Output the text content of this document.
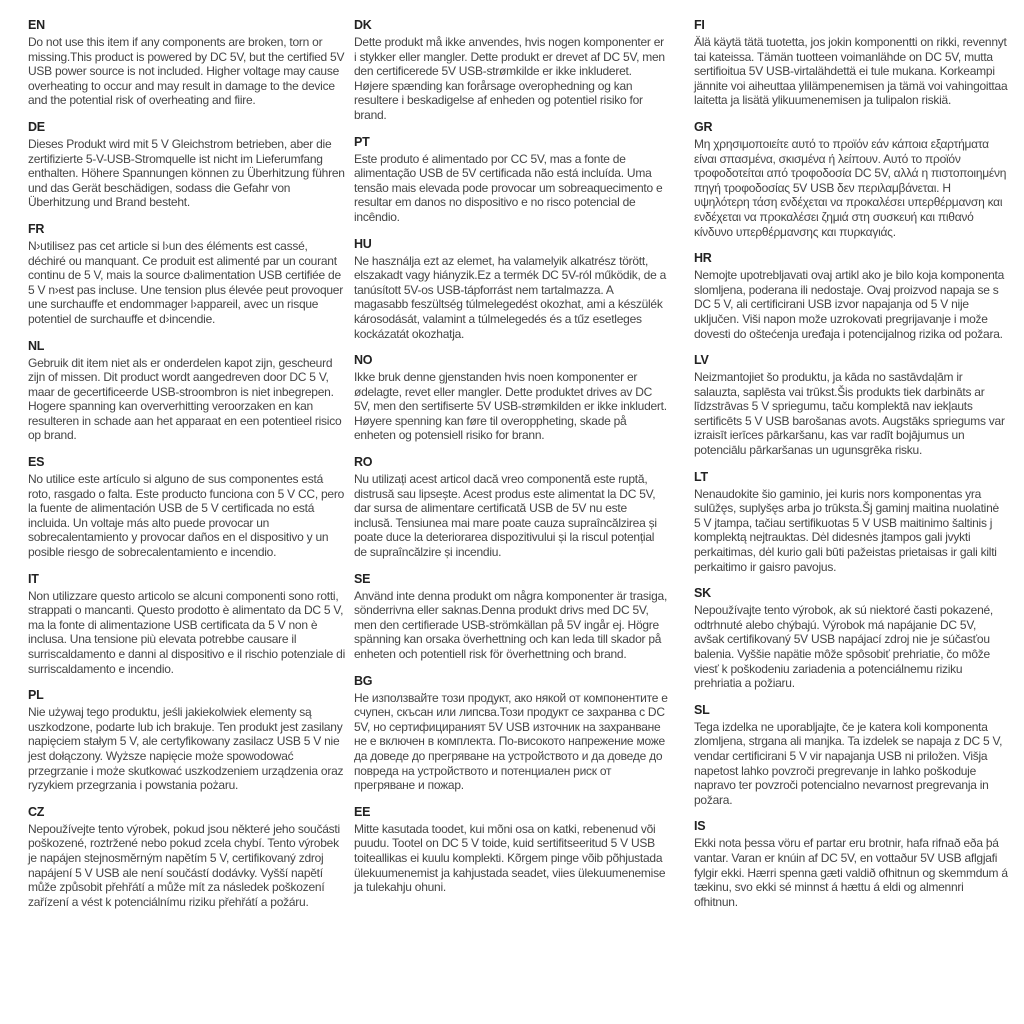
EN

Do not use this item if any components are broken, torn or missing.This product is powered by DC 5V, but the certified 5V USB power source is not included. Higher voltage may cause overheating to occur and may result in damage to the device and the potential risk of overheating and fiire.

DE

Dieses Produkt wird mit 5 V Gleichstrom betrieben, aber die zertifizierte 5-V-USB-Stromquelle ist nicht im Lieferumfang enthalten. Höhere Spannungen können zu Überhitzung führen und das Gerät beschädigen, sodass die Gefahr von Überhitzung und Brand besteht.

FR

N›utilisez pas cet article si l›un des éléments est cassé, déchiré ou manquant. Ce produit est alimenté par un courant continu de 5 V, mais la source d›alimentation USB certifiée de 5 V n›est pas incluse. Une tension plus élevée peut provoquer une surchauffe et endommager l›appareil, avec un risque potentiel de surchauffe et d›incendie.

NL

Gebruik dit item niet als er onderdelen kapot zijn, gescheurd zijn of missen. Dit product wordt aangedreven door DC 5 V, maar de gecertificeerde USB-stroombron is niet inbegrepen. Hogere spanning kan oververhitting veroorzaken en kan resulteren in schade aan het apparaat en een potentieel risico op brand.

ES

No utilice este artículo si alguno de sus componentes está roto, rasgado o falta. Este producto funciona con 5 V CC, pero la fuente de alimentación USB de 5 V certificada no está incluida. Un voltaje más alto puede provocar un sobrecalentamiento y provocar daños en el dispositivo y un posible riesgo de sobrecalentamiento e incendio.

IT

Non utilizzare questo articolo se alcuni componenti sono rotti, strappati o mancanti. Questo prodotto è alimentato da DC 5 V, ma la fonte di alimentazione USB certificata da 5 V non è inclusa. Una tensione più elevata potrebbe causare il surriscaldamento e danni al dispositivo e il rischio potenziale di surriscaldamento e incendio.

PL

Nie używaj tego produktu, jeśli jakiekolwiek elementy są uszkodzone, podarte lub ich brakuje. Ten produkt jest zasilany napięciem stałym 5 V, ale certyfikowany zasilacz USB 5 V nie jest dołączony. Wyższe napięcie może spowodować przegrzanie i może skutkować uszkodzeniem urządzenia oraz ryzykiem przegrzania i powstania pożaru.

CZ

Nepoužívejte tento výrobek, pokud jsou některé jeho součásti poškozené, roztržené nebo pokud zcela chybí. Tento výrobek je napájen stejnosměrným napětím 5 V, certifikovaný zdroj napájení 5 V USB ale není součástí dodávky. Vyšší napětí může způsobit přehřátí a může mít za následek poškození zařízení a vést k potenciálnímu riziku přehřátí a požáru.

DK

Dette produkt må ikke anvendes, hvis nogen komponenter er i stykker eller mangler. Dette produkt er drevet af DC 5V, men den certificerede 5V USB-strømkilde er ikke inkluderet. Højere spænding kan forårsage overophedning og kan resultere i beskadigelse af enheden og potentiel risiko for brand.

PT

Este produto é alimentado por CC 5V, mas a fonte de alimentação USB de 5V certificada não está incluída. Uma tensão mais elevada pode provocar um sobreaquecimento e resultar em danos no dispositivo e no risco potencial de incêndio.

HU

Ne használja ezt az elemet, ha valamelyik alkatrész törött, elszakadt vagy hiányzik.Ez a termék DC 5V-ról működik, de a tanúsított 5V-os USB-tápforrást nem tartalmazza. A magasabb feszültség túlmelegedést okozhat, ami a készülék károsodását, valamint a túlmelegedés és a tűz esetleges kockázatát okozhatja.

NO

Ikke bruk denne gjenstanden hvis noen komponenter er ødelagte, revet eller mangler. Dette produktet drives av DC 5V, men den sertifiserte 5V USB-strømkilden er ikke inkludert. Høyere spenning kan føre til overoppheting, skade på enheten og potensiell risiko for brann.

RO

Nu utilizați acest articol dacă vreo componentă este ruptă, distrusă sau lipsește. Acest produs este alimentat la DC 5V, dar sursa de alimentare certificată USB de 5V nu este inclusă. Tensiunea mai mare poate cauza supraîncălzirea și poate duce la deteriorarea dispozitivului și la riscul potențial de supraîncălzire și incendiu.

SE

Använd inte denna produkt om några komponenter är trasiga, sönderrivna eller saknas.Denna produkt drivs med DC 5V, men den certifierade USB-strömkällan på 5V ingår ej. Högre spänning kan orsaka överhettning och kan leda till skador på enheten och potentiell risk för överhettning och brand.

BG

Не използвайте този продукт, ако някой от компонентите е счупен, скъсан или липсва.Този продукт се захранва с DC 5V, но сертифицираният 5V USB източник на захранване не е включен в комплекта. По-високото напрежение може да доведе до прегряване на устройството и да доведе до повреда на устройството и потенциален риск от прегряване и пожар.

EE

Mitte kasutada toodet, kui mõni osa on katki, rebenenud või puudu. Tootel on DC 5 V toide, kuid sertifitseeritud 5 V USB toiteallikas ei kuulu komplekti. Kõrgem pinge võib põhjustada ülekuumenemist ja kahjustada seadet, viies ülekuumenemise ja tulekahju ohuni.

FI

Älä käytä tätä tuotetta, jos jokin komponentti on rikki, revennyt tai kateissa. Tämän tuotteen voimanlähde on DC 5V, mutta sertifioitua 5V USB-virtalähdettä ei tule mukana. Korkeampi jännite voi aiheuttaa ylilämpenemisen ja tämä voi vahingoittaa laitetta ja lisätä ylikuumenemisen ja tulipalon riskiä.

GR

Μη χρησιμοποιείτε αυτό το προϊόν εάν κάποια εξαρτήματα είναι σπασμένα, σκισμένα ή λείπουν. Αυτό το προϊόν τροφοδοτείται από τροφοδοσία DC 5V, αλλά η πιστοποιημένη πηγή τροφοδοσίας 5V USB δεν περιλαμβάνεται. Η υψηλότερη τάση ενδέχεται να προκαλέσει υπερθέρμανση και ενδέχεται να προκαλέσει ζημιά στη συσκευή και πιθανό κίνδυνο υπερθέρμανσης και πυρκαγιάς.

HR

Nemojte upotrebljavati ovaj artikl ako je bilo koja komponenta slomljena, poderana ili nedostaje. Ovaj proizvod napaja se s DC 5 V, ali certificirani USB izvor napajanja od 5 V nije uključen. Viši napon može uzrokovati pregrijavanje i može dovesti do oštećenja uređaja i potencijalnog rizika od požara.

LV

Neizmantojiet šo produktu, ja kāda no sastāvdaļām ir salauzta, saplēsta vai trūkst.Šis produkts tiek darbināts ar līdzstrāvas 5 V spriegumu, taču komplektā nav iekļauts sertificēts 5 V USB barošanas avots. Augstāks spriegums var izraisīt ierīces pārkaršanu, kas var radīt bojājumus un potenciālu pārkaršanas un ugunsgrēka risku.

LT

Nenaudokite šio gaminio, jei kuris nors komponentas yra sulūžęs, suplyšęs arba jo trūksta.Šj gaminj maitina nuolatinė 5 V jtampa, tačiau sertifikuotas 5 V USB maitinimo šaltinis j komplektą nejtrauktas. Dėl didesnės jtampos gali jvykti perkaitimas, dėl kurio gali būti pažeistas prietaisas ir gali kilti perkaitimo ir gaisro pavojus.

SK

Nepoužívajte tento výrobok, ak sú niektoré časti pokazené, odtrhnuté alebo chýbajú. Výrobok má napájanie DC 5V, avšak certifikovaný 5V USB napájací zdroj nie je súčasťou balenia. Vyššie napätie môže spôsobiť prehriatie, čo môže viesť k poškodeniu zariadenia a potenciálnemu riziku prehriatia a požiaru.

SL

Tega izdelka ne uporabljajte, če je katera koli komponenta zlomljena, strgana ali manjka. Ta izdelek se napaja z DC 5 V, vendar certificirani 5 V vir napajanja USB ni priložen. Višja napetost lahko povzroči pregrevanje in lahko poškoduje napravo ter povzroči potencialno nevarnost pregrevanja in požara.

IS

Ekki nota þessa vöru ef partar eru brotnir, hafa rifnað eða þá vantar. Varan er knúin af DC 5V, en vottaður 5V USB aflgjafi fylgir ekki. Hærri spenna gæti valdið ofhitnun og skemmdum á tækinu, svo ekki sé minnst á hættu á eldi og almennri ofhitnun.
